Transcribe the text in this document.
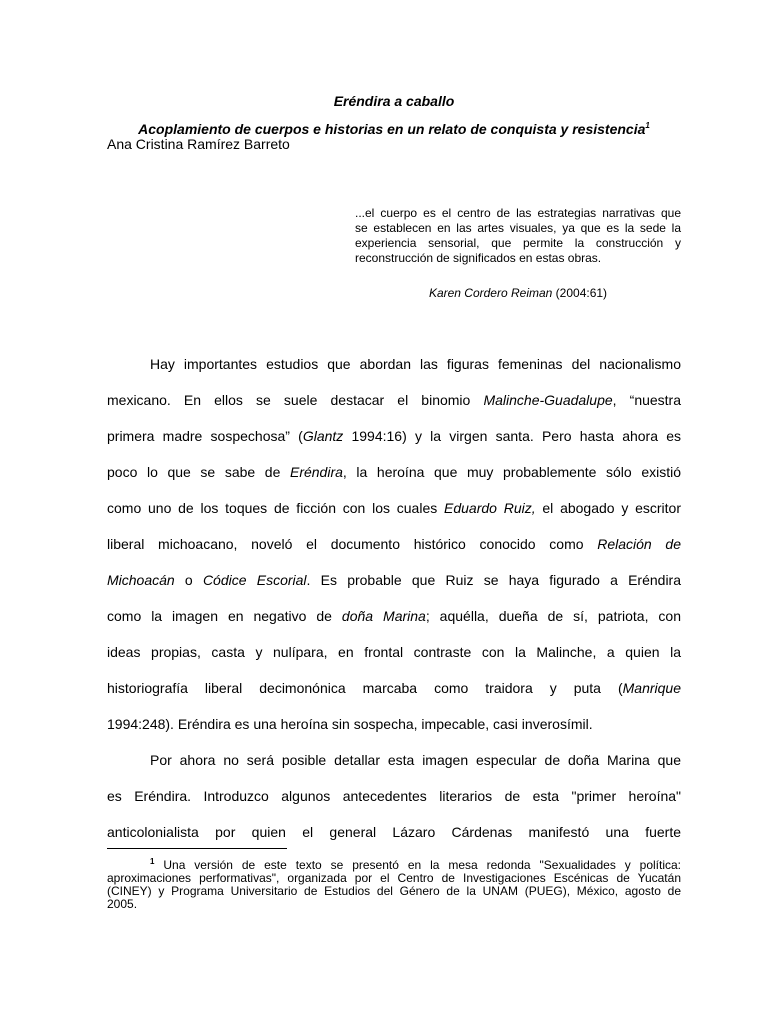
Eréndira a caballo
Acoplamiento de cuerpos e historias en un relato de conquista y resistencia$^1$
Ana Cristina Ramírez Barreto
...el cuerpo es el centro de las estrategias narrativas que
se establecen en las artes visuales, ya que es la sede la
experiencia sensorial, que permite la construcción y
reconstrucción de significados en estas obras.
Karen Cordero Reiman (2004:61)
Hay importantes estudios que abordan las figuras femeninas del nacionalismo
mexicano. En ellos se suele destacar el binomio Malinche-Guadalupe, “nuestra
primera madre sospechosa” (Glantz 1994:16) y la virgen santa. Pero hasta ahora es
poco lo que se sabe de Eréndira, la heroína que muy probablemente sólo existió
como uno de los toques de ficción con los cuales Eduardo Ruiz, el abogado y escritor
liberal michoacano, noveló el documento histórico conocido como Relación de
Michoacán o Códice Escorial. Es probable que Ruiz se haya figurado a Eréndira
como la imagen en negativo de doña Marina; aquélla, dueña de sí, patriota, con
ideas propias, casta y nulípara, en frontal contraste con la Malinche, a quien la
historiografía liberal decimonónica marcaba como traidora y puta (Manrique
1994:248). Eréndira es una heroína sin sospecha, impecable, casi inverosímil.
Por ahora no será posible detallar esta imagen especular de doña Marina que
es Eréndira. Introduzco algunos antecedentes literarios de esta "primer heroína"
anticolonialista por quien el general Lázaro Cárdenas manifestó una fuerte
$^1$ Una versión de este texto se presentó en la mesa redonda "Sexualidades y política:
aproximaciones performativas", organizada por el Centro de Investigaciones Escénicas de Yucatán
(CINEY) y Programa Universitario de Estudios del Género de la UNAM (PUEG), México, agosto de
2005.
